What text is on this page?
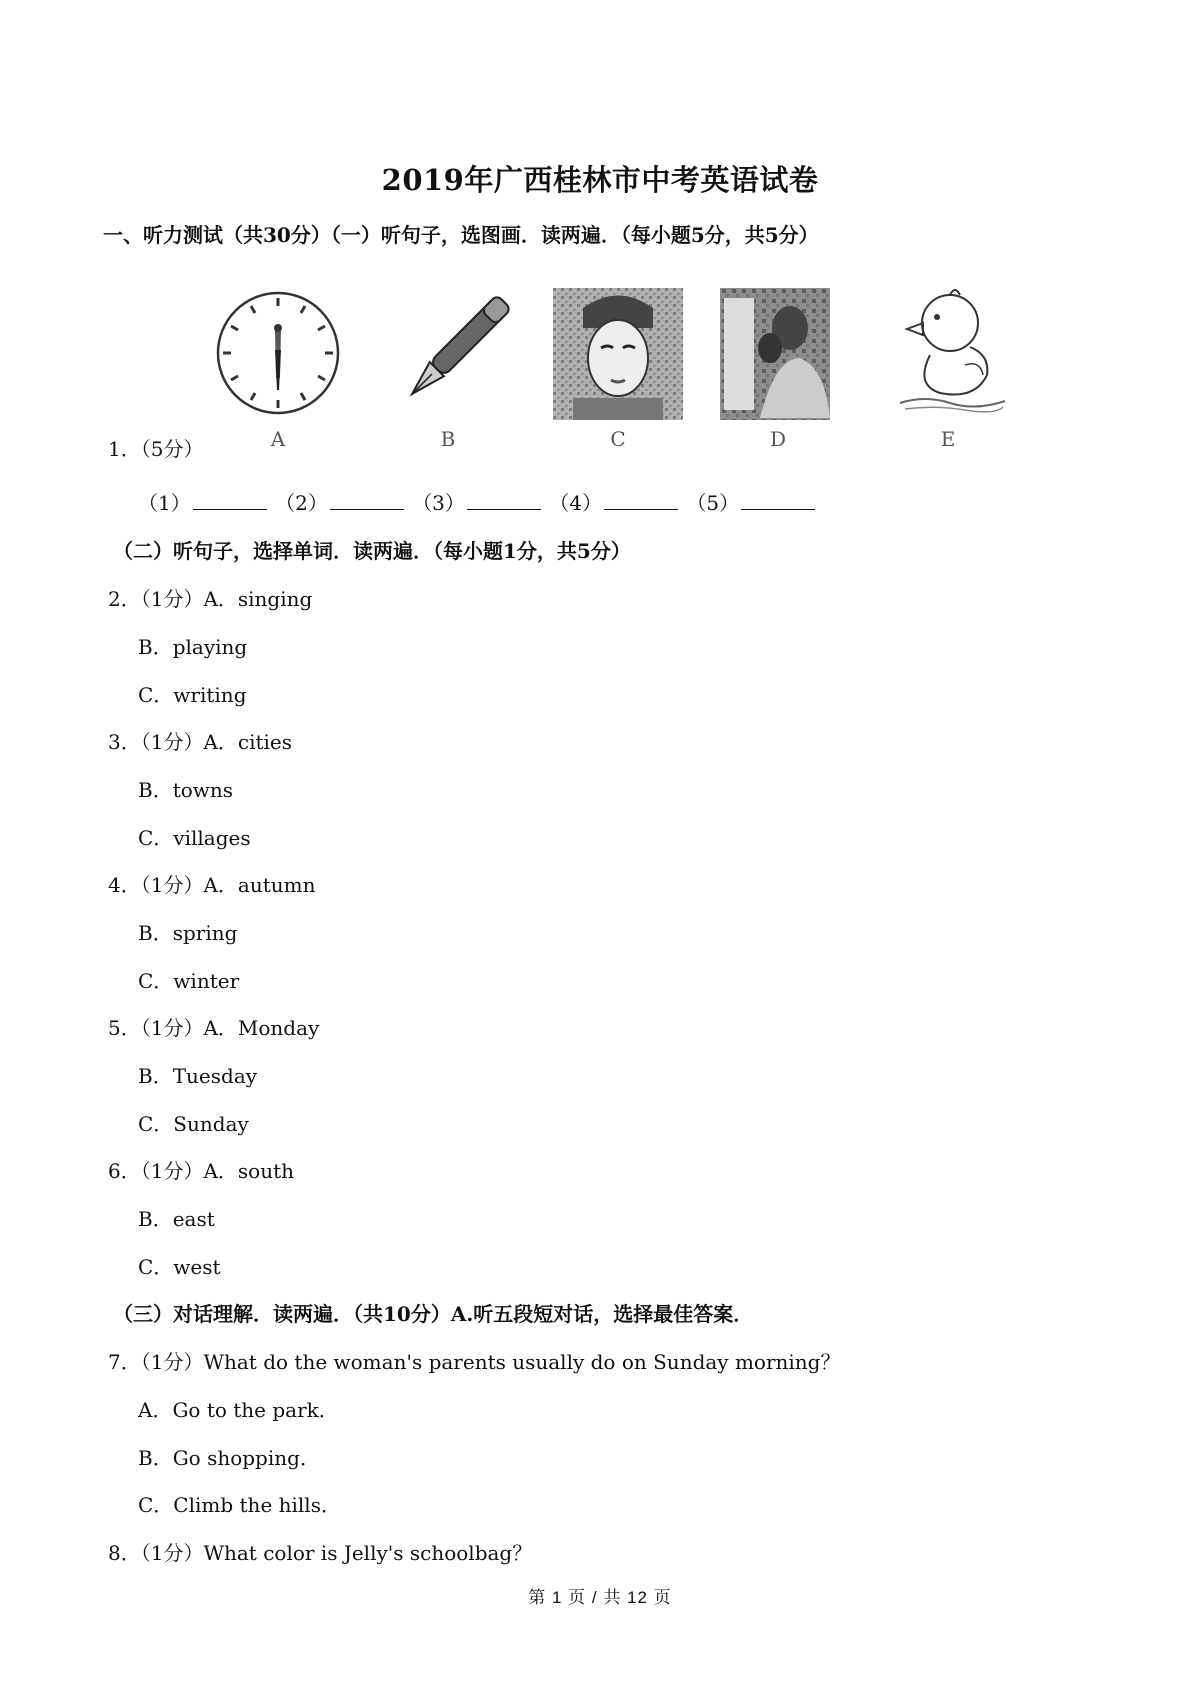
2019年广西桂林市中考英语试卷
一、听力测试（共30分）（一）听句子，选图画．读两遍．（每小题5分，共5分）
A	B	C	D	E
1．（5分）
（1）	（2）	（3）	（4）	（5）
（二）听句子，选择单词．读两遍．（每小题1分，共5分）
2．（1分）A．singing
B．playing
C．writing
3．（1分）A．cities
B．towns
C．villages
4．（1分）A．autumn
B．spring
C．winter
5．（1分）A．Monday
B．Tuesday
C．Sunday
6．（1分）A．south
B．east
C．west
（三）对话理解．读两遍．（共10分）A.听五段短对话，选择最佳答案．
7．（1分）What do the woman's parents usually do on Sunday morning？
A．Go to the park．
B．Go shopping．
C．Climb the hills．
8．（1分）What color is Jelly's schoolbag？
第 1 页 / 共 12 页
